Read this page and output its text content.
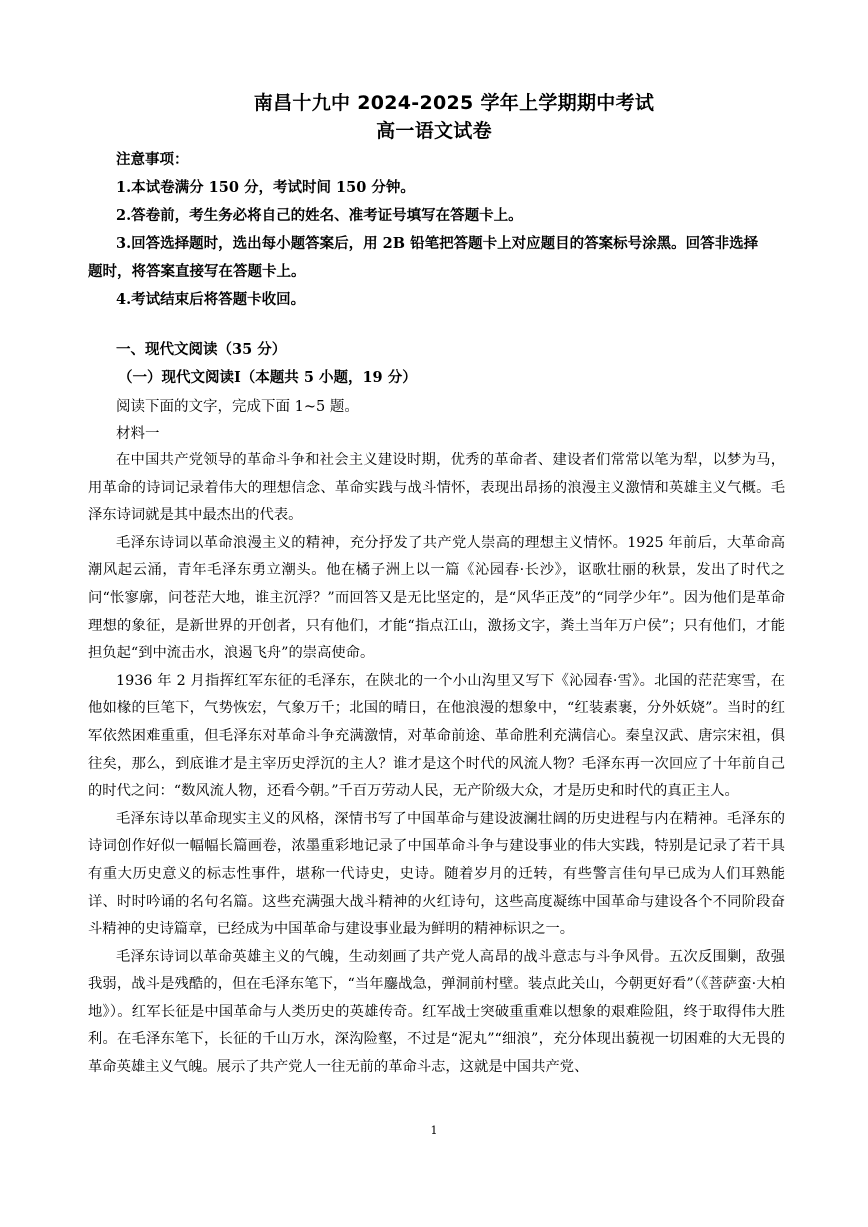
南昌十九中 2024-2025 学年上学期期中考试
高一语文试卷
注意事项：
1.本试卷满分 150 分，考试时间 150 分钟。
2.答卷前，考生务必将自己的姓名、准考证号填写在答题卡上。
3.回答选择题时，选出每小题答案后，用 2B 铅笔把答题卡上对应题目的答案标号涂黑。回答非选择
题时，将答案直接写在答题卡上。
4.考试结束后将答题卡收回。
一、现代文阅读（35 分）
（一）现代文阅读Ⅰ（本题共 5 小题，19 分）
阅读下面的文字，完成下面 1~5 题。
材料一

在中国共产党领导的革命斗争和社会主义建设时期，优秀的革命者、建设者们常常以笔为犁，以梦为马，用革命的诗词记录着伟大的理想信念、革命实践与战斗情怀，表现出昂扬的浪漫主义激情和英雄主义气概。毛泽东诗词就是其中最杰出的代表。

毛泽东诗词以革命浪漫主义的精神，充分抒发了共产党人崇高的理想主义情怀。1925 年前后，大革命高潮风起云涌，青年毛泽东勇立潮头。他在橘子洲上以一篇《沁园春·长沙》，讴歌壮丽的秋景，发出了时代之问“怅寥廓，问苍茫大地，谁主沉浮？”而回答又是无比坚定的，是“风华正茂”的“同学少年”。因为他们是革命理想的象征，是新世界的开创者，只有他们，才能“指点江山，激扬文字，粪土当年万户侯”；只有他们，才能担负起“到中流击水，浪遏飞舟”的崇高使命。

1936 年 2 月指挥红军东征的毛泽东，在陕北的一个小山沟里又写下《沁园春·雪》。北国的茫茫寒雪，在他如椽的巨笔下，气势恢宏，气象万千；北国的晴日，在他浪漫的想象中，“红装素裹，分外妖娆”。当时的红军依然困难重重，但毛泽东对革命斗争充满激情，对革命前途、革命胜利充满信心。秦皇汉武、唐宗宋祖，俱往矣，那么，到底谁才是主宰历史浮沉的主人？谁才是这个时代的风流人物？毛泽东再一次回应了十年前自己的时代之问：“数风流人物，还看今朝。”千百万劳动人民，无产阶级大众，才是历史和时代的真正主人。

毛泽东诗以革命现实主义的风格，深情书写了中国革命与建设波澜壮阔的历史进程与内在精神。毛泽东的诗词创作好似一幅幅长篇画卷，浓墨重彩地记录了中国革命斗争与建设事业的伟大实践，特别是记录了若干具有重大历史意义的标志性事件，堪称一代诗史，史诗。随着岁月的迁转，有些警言佳句早已成为人们耳熟能详、时时吟诵的名句名篇。这些充满强大战斗精神的火红诗句，这些高度凝练中国革命与建设各个不同阶段奋斗精神的史诗篇章，已经成为中国革命与建设事业最为鲜明的精神标识之一。

毛泽东诗词以革命英雄主义的气魄，生动刻画了共产党人高昂的战斗意志与斗争风骨。五次反围剿，敌强我弱，战斗是残酷的，但在毛泽东笔下，“当年鏖战急，弹洞前村壁。装点此关山，今朝更好看”（《菩萨蛮·大柏地》）。红军长征是中国革命与人类历史的英雄传奇。红军战士突破重重难以想象的艰难险阻，终于取得伟大胜利。在毛泽东笔下，长征的千山万水，深沟险壑，不过是“泥丸”“细浪”，充分体现出藐视一切困难的大无畏的革命英雄主义气魄。展示了共产党人一往无前的革命斗志，这就是中国共产党、

1
